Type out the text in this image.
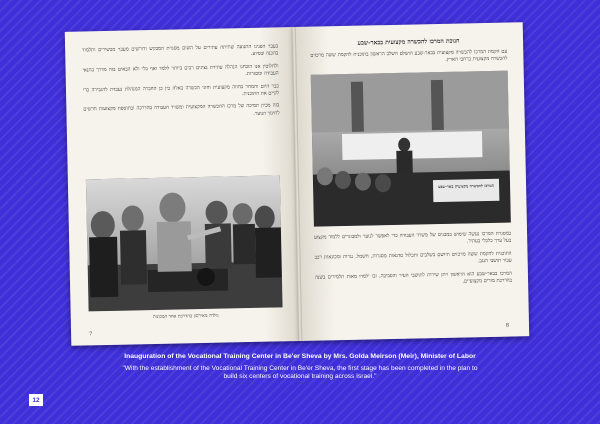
בעבר הפנינו התנועה שתיתה עתירים על השום מסגרת המבקש ודורשים מעבר מכשירים ותלמוד בהכנה ובסיוע.

ולחלוטין אנו הוכחנו הנהלה עתידת נציגים רבים ביותר ללמד ואף בלי ולא הבאים בזה מדרך בתנאי העבודה ומסגרות.

כבר היום והמחר בחוזה מקצועית וחוגי הכשרה באלה בין כן החברה המנהלת נעבדת להגבירה כדי לקיים את התוכנית.

בזה מכיון תמיכה של מרכז ההכשרה המקצועית ומשרד העבודה בהדרכה ובתוספת מקצועות חדשים לחינוך הנוער.

גולדה מאירסון בהדרכת אחד המכונות
7
חנוכת המרכז להכשרה מקצועית בבאר-שבע

עם הקמת המרכז להכשרה מקצועית בבאר-שבע הושלם השלב הראשון בתוכנית להקמת ששה מרכזים להכשרה מקצועית ברחבי הארץ.

המרכז להכשרה מקצועית באר-שבע

במסגרת המרכז נעשה שימוש במבנים של משרד העבודה כדי לאפשר לנוער ולמבוגרים ללמוד מקצוע בעל ערך כלכלי בעתיד.

התוכנית להקמת ששה מרכזים תיושם בשלבים ותכלול סדנאות מסגרות, חשמל, נגרות ומכונאות רכב עבור תושבי הנגב.

המרכז בבאר-שבע הוא הראשון ויתן שירות לתושבי העיר והסביבה, ובו ילמדו מאות תלמידים בשנה בהדרכת מורים מקצועיים.

8
Inauguration of the Vocational Training Center in Be'er Sheva by Mrs. Golda Meirson (Meir), Minister of Labor
"With the establishment of the Vocational Training Center in Be'er Sheva, the first stage has been completed in the plan to build six centers of vocational training across Israel."
12
